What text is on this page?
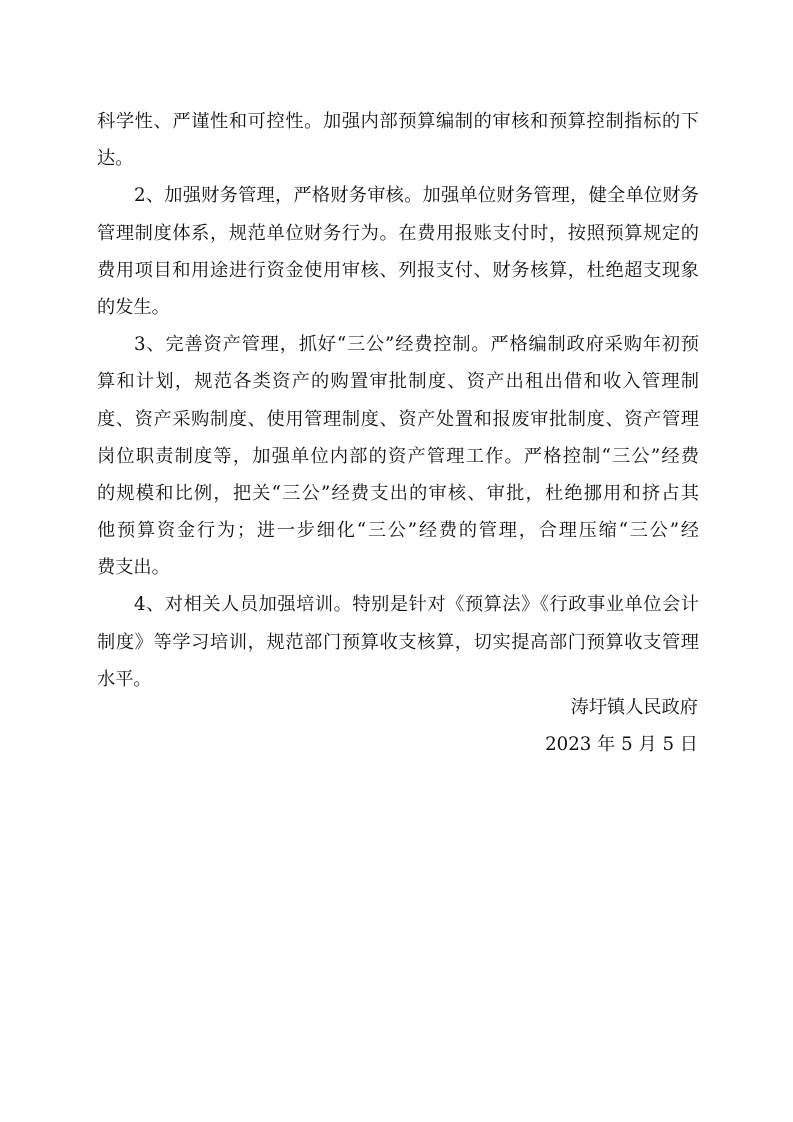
科学性、严谨性和可控性。加强内部预算编制的审核和预算控制指标的下
达。
2、加强财务管理，严格财务审核。加强单位财务管理，健全单位财务
管理制度体系，规范单位财务行为。在费用报账支付时，按照预算规定的
费用项目和用途进行资金使用审核、列报支付、财务核算，杜绝超支现象
的发生。
3、完善资产管理，抓好“三公”经费控制。严格编制政府采购年初预
算和计划，规范各类资产的购置审批制度、资产出租出借和收入管理制
度、资产采购制度、使用管理制度、资产处置和报废审批制度、资产管理
岗位职责制度等，加强单位内部的资产管理工作。严格控制“三公”经费
的规模和比例，把关“三公”经费支出的审核、审批，杜绝挪用和挤占其
他预算资金行为；进一步细化“三公”经费的管理，合理压缩“三公”经
费支出。
4、对相关人员加强培训。特别是针对《预算法》《行政事业单位会计
制度》等学习培训，规范部门预算收支核算，切实提高部门预算收支管理
水平。
涛圩镇人民政府
2023 年 5 月 5 日
